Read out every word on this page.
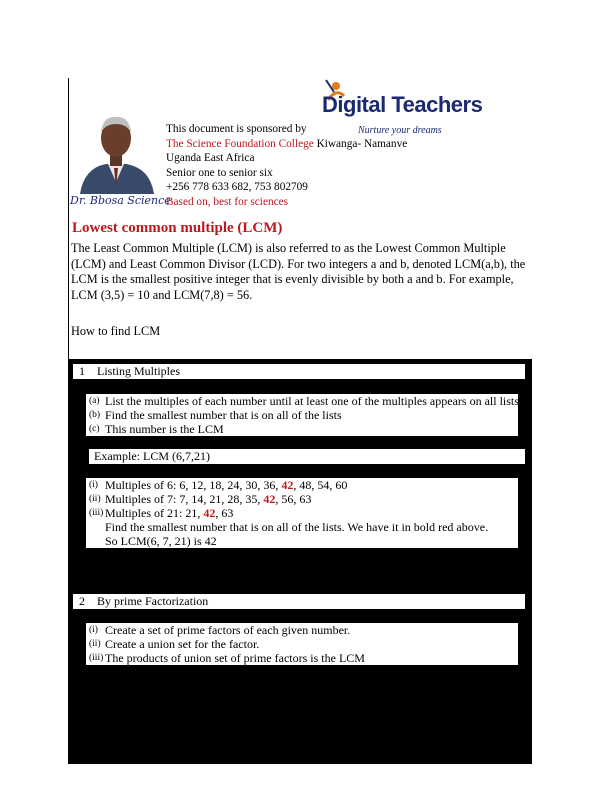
Dr. Bbosa Science
This document is sponsored by
The Science Foundation College Kiwanga- Namanve
Uganda East Africa
Senior one to senior six
+256 778 633 682, 753 802709
Based on, best for sciences
Digital Teachers
Nurture your dreams
Lowest common multiple (LCM)
The Least Common Multiple (LCM) is also referred to as the Lowest Common Multiple (LCM) and Least Common Divisor (LCD). For two integers a and b, denoted LCM(a,b), the LCM is the smallest positive integer that is evenly divisible by both a and b. For example, LCM (3,5) = 10 and LCM(7,8) = 56.
How to find LCM
1 Listing Multiples
(a) List the multiples of each number until at least one of the multiples appears on all lists
(b) Find the smallest number that is on all of the lists
(c) This number is the LCM
Example: LCM (6,7,21)
(i) Multiples of 6: 6, 12, 18, 24, 30, 36, 42, 48, 54, 60
(ii) Multiples of 7: 7, 14, 21, 28, 35, 42, 56, 63
(iii) Multiples of 21: 21, 42, 63
Find the smallest number that is on all of the lists. We have it in bold red above.
So LCM(6, 7, 21) is 42
2 By prime Factorization
(i) Create a set of prime factors of each given number.
(ii) Create a union set for the factor.
(iii) The products of union set of prime factors is the LCM
